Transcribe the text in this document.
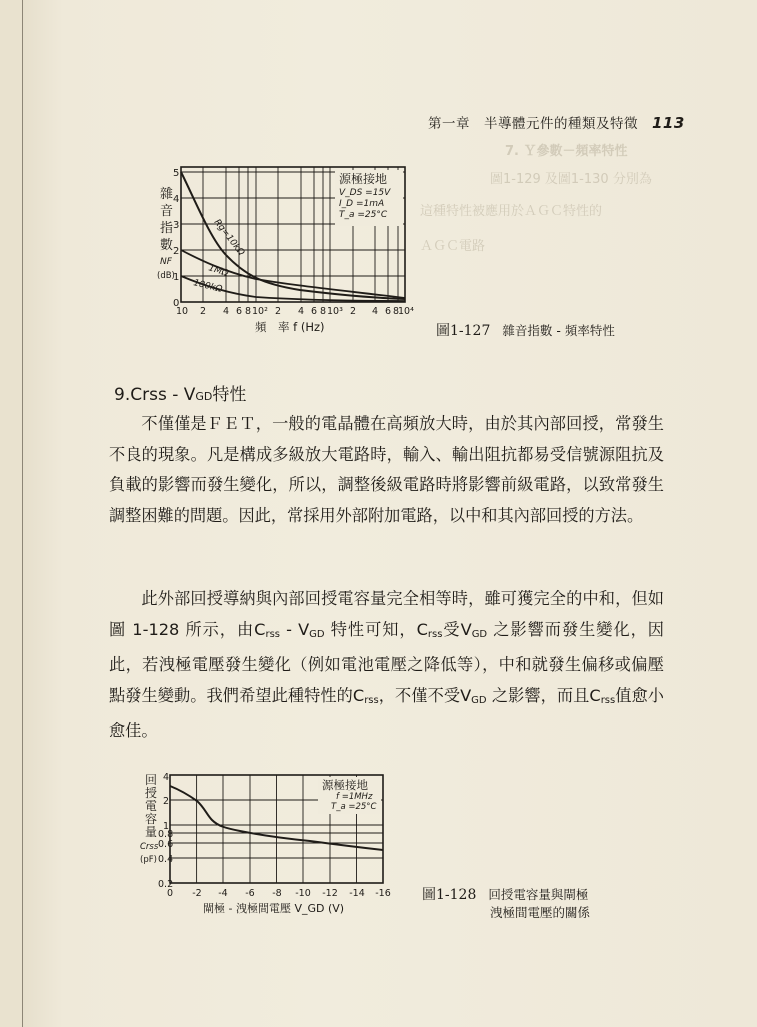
7. Ｙ參數－頻率特性
圖1-129 及圖1-130 分別為
這種特性被應用於ＡＧＣ特性的
ＡＧＣ電路
第一章　半導體元件的種類及特徵 113
雜
音
指
數
NF
(dB)
源極接地
V_DS =15V
I_D =1mA
T_a =25°C
Rg=10kΩ
1MΩ
100kΩ
0
1
2
3
4
5
10 2 4 6 8 10² 2 4 6 8 10³ 2 4 6 8
10⁴
頻　率 f (Hz)	圖1-127 雜音指數 - 頻率特性
9.Crss - VGD特性

不僅僅是ＦＥＴ，一般的電晶體在高頻放大時，由於其內部回授，常發生不良的現象。凡是構成多級放大電路時，輸入、輸出阻抗都易受信號源阻抗及負載的影響而發生變化，所以，調整後級電路時將影響前級電路，以致常發生調整困難的問題。因此，常採用外部附加電路，以中和其內部回授的方法。

此外部回授導納與內部回授電容量完全相等時，雖可獲完全的中和，但如圖 1-128 所示，由$C_{rss} - V_{GD}$ 特性可知，$C_{rss}$受$V_{GD}$ 之影響而發生變化，因此，若洩極電壓發生變化（例如電池電壓之降低等），中和就發生偏移或偏壓點發生變動。我們希望此種特性的$C_{rss}$，不僅不受$V_{GD}$ 之影響，而且$C_{rss}$值愈小愈佳。

回
授
電
容
量
Crss
(pF)
源極接地
f =1MHz
T_a =25°C
4
2
1
0.8
0.6
0.4
0.2
0 -2 -4 -6 -8 -10 -12 -14 -16
閘極 - 洩極間電壓 V_GD (V)
圖1-128 回授電容量與閘極
洩極間電壓的關係
